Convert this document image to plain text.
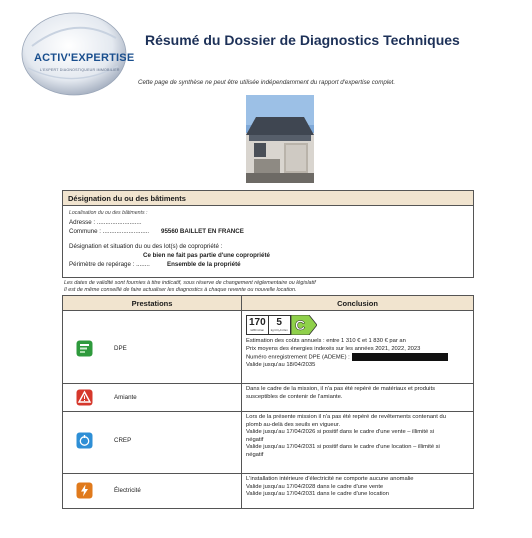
ACTIV'EXPERTISE
L'EXPERT DIAGNOSTIQUEUR IMMOBILIER
Résumé du Dossier de Diagnostics Techniques
Cette page de synthèse ne peut être utilisée indépendamment du rapport d'expertise complet.
Désignation du ou des bâtiments
Localisation du ou des bâtiments :
Adresse : ..........................
Commune : ........................... 95560 BAILLET EN FRANCE
Désignation et situation du ou des lot(s) de copropriété :
Ce bien ne fait pas partie d'une copropriété
Périmètre de repérage : ........	Ensemble de la propriété
Les dates de validité sont fournies à titre indicatif, sous réserve de changement réglementaire ou législatif
Il est de même conseillé de faire actualiser les diagnostics à chaque revente ou nouvelle location.
Prestations	Conclusion
DPE
170
kWh/m²/an
5
kg CO₂/m²/an C
Estimation des coûts annuels : entre 1 310 € et 1 830 € par an
Prix moyens des énergies indexés sur les années 2021, 2022, 2023
Numéro enregistrement DPE (ADEME) :
Valide jusqu'au 18/04/2035
Amiante
Dans le cadre de la mission, il n'a pas été repéré de matériaux et produits
susceptibles de contenir de l'amiante.
CREP
Lors de la présente mission il n'a pas été repéré de revêtements contenant du
plomb au-delà des seuils en vigueur.
Valide jusqu'au 17/04/2026 si positif dans le cadre d'une vente – illimité si
négatif
Valide jusqu'au 17/04/2031 si positif dans le cadre d'une location – illimité si
négatif
Électricité
L'installation intérieure d'électricité ne comporte aucune anomalie
Valide jusqu'au 17/04/2028 dans le cadre d'une vente
Valide jusqu'au 17/04/2031 dans le cadre d'une location
